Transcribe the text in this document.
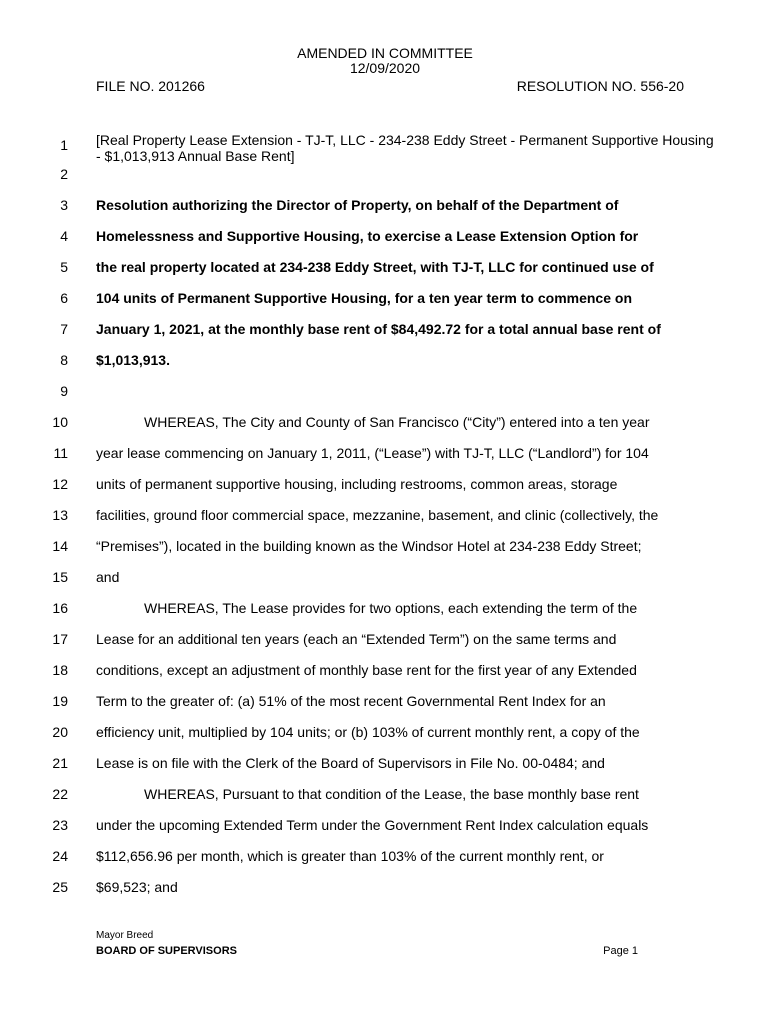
AMENDED IN COMMITTEE
12/09/2020
FILE NO. 201266	RESOLUTION NO. 556-20
[Real Property Lease Extension - TJ-T, LLC - 234-238 Eddy Street - Permanent Supportive Housing - $1,013,913 Annual Base Rent]
1
2
3
4
5
6
7
8
9
10
11
12
13
14
15
16
17
18
19
20
21
22
23
24
25
Resolution authorizing the Director of Property, on behalf of the Department of
Homelessness and Supportive Housing, to exercise a Lease Extension Option for
the real property located at 234-238 Eddy Street, with TJ-T, LLC for continued use of
104 units of Permanent Supportive Housing, for a ten year term to commence on
January 1, 2021, at the monthly base rent of $84,492.72 for a total annual base rent of
$1,013,913.
WHEREAS, The City and County of San Francisco (“City”) entered into a ten year
year lease commencing on January 1, 2011, (“Lease”) with TJ-T, LLC (“Landlord”) for 104
units of permanent supportive housing, including restrooms, common areas, storage
facilities, ground floor commercial space, mezzanine, basement, and clinic (collectively, the
“Premises”), located in the building known as the Windsor Hotel at 234-238 Eddy Street;
and
WHEREAS, The Lease provides for two options, each extending the term of the
Lease for an additional ten years (each an “Extended Term”) on the same terms and
conditions, except an adjustment of monthly base rent for the first year of any Extended
Term to the greater of: (a) 51% of the most recent Governmental Rent Index for an
efficiency unit, multiplied by 104 units; or (b) 103% of current monthly rent, a copy of the
Lease is on file with the Clerk of the Board of Supervisors in File No. 00-0484; and
WHEREAS, Pursuant to that condition of the Lease, the base monthly base rent
under the upcoming Extended Term under the Government Rent Index calculation equals
$112,656.96 per month, which is greater than 103% of the current monthly rent, or
$69,523; and
Mayor Breed
BOARD OF SUPERVISORS	Page 1
